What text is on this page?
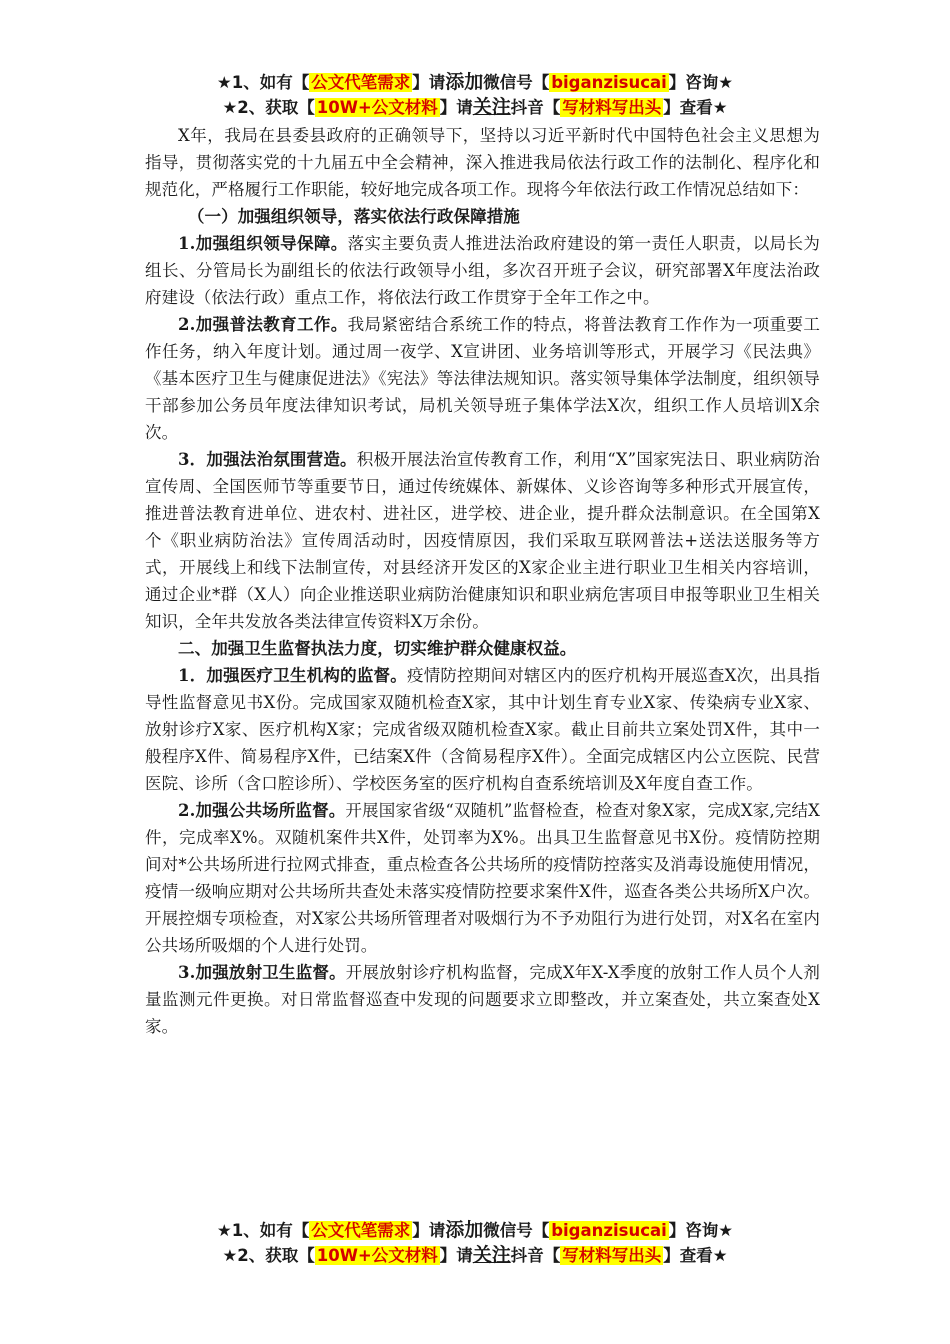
★1、如有【 公文代笔需求 】请添加微信号【 biganzisucai 】咨询★
★2、获取【 10W+公文材料 】请关注抖音【 写材料写出头 】查看★

X年，我局在县委县政府的正确领导下，坚持以习近平新时代中国特色社会主义思想为指导，贯彻落实党的十九届五中全会精神，深入推进我局依法行政工作的法制化、程序化和规范化，严格履行工作职能，较好地完成各项工作。现将今年依法行政工作情况总结如下：

（一）加强组织领导，落实依法行政保障措施

1.加强组织领导保障。落实主要负责人推进法治政府建设的第一责任人职责，以局长为组长、分管局长为副组长的依法行政领导小组，多次召开班子会议，研究部署X年度法治政府建设（依法行政）重点工作，将依法行政工作贯穿于全年工作之中。

2.加强普法教育工作。我局紧密结合系统工作的特点，将普法教育工作作为一项重要工作任务，纳入年度计划。通过周一夜学、X宣讲团、业务培训等形式，开展学习《民法典》《基本医疗卫生与健康促进法》《宪法》等法律法规知识。落实领导集体学法制度，组织领导干部参加公务员年度法律知识考试，局机关领导班子集体学法X次，组织工作人员培训X余次。

3．加强法治氛围营造。积极开展法治宣传教育工作，利用“X”国家宪法日、职业病防治宣传周、全国医师节等重要节日，通过传统媒体、新媒体、义诊咨询等多种形式开展宣传，推进普法教育进单位、进农村、进社区，进学校、进企业，提升群众法制意识。在全国第X个《职业病防治法》宣传周活动时，因疫情原因，我们采取互联网普法+送法送服务等方式，开展线上和线下法制宣传，对县经济开发区的X家企业主进行职业卫生相关内容培训，通过企业*群（X人）向企业推送职业病防治健康知识和职业病危害项目申报等职业卫生相关知识，全年共发放各类法律宣传资料X万余份。

二、加强卫生监督执法力度，切实维护群众健康权益。

1．加强医疗卫生机构的监督。疫情防控期间对辖区内的医疗机构开展巡查X次，出具指导性监督意见书X份。完成国家双随机检查X家，其中计划生育专业X家、传染病专业X家、放射诊疗X家、医疗机构X家；完成省级双随机检查X家。截止目前共立案处罚X件，其中一般程序X件、简易程序X件，已结案X件（含简易程序X件）。全面完成辖区内公立医院、民营医院、诊所（含口腔诊所）、学校医务室的医疗机构自查系统培训及X年度自查工作。

2.加强公共场所监督。开展国家省级“双随机”监督检查，检查对象X家，完成X家,完结X件，完成率X%。双随机案件共X件，处罚率为X%。出具卫生监督意见书X份。疫情防控期间对*公共场所进行拉网式排查，重点检查各公共场所的疫情防控落实及消毒设施使用情况，疫情一级响应期对公共场所共查处未落实疫情防控要求案件X件，巡查各类公共场所X户次。开展控烟专项检查，对X家公共场所管理者对吸烟行为不予劝阻行为进行处罚，对X名在室内公共场所吸烟的个人进行处罚。

3.加强放射卫生监督。开展放射诊疗机构监督，完成X年X-X季度的放射工作人员个人剂量监测元件更换。对日常监督巡查中发现的问题要求立即整改，并立案查处，共立案查处X家。

★1、如有【 公文代笔需求 】请添加微信号【 biganzisucai 】咨询★
★2、获取【 10W+公文材料 】请关注抖音【 写材料写出头 】查看★
